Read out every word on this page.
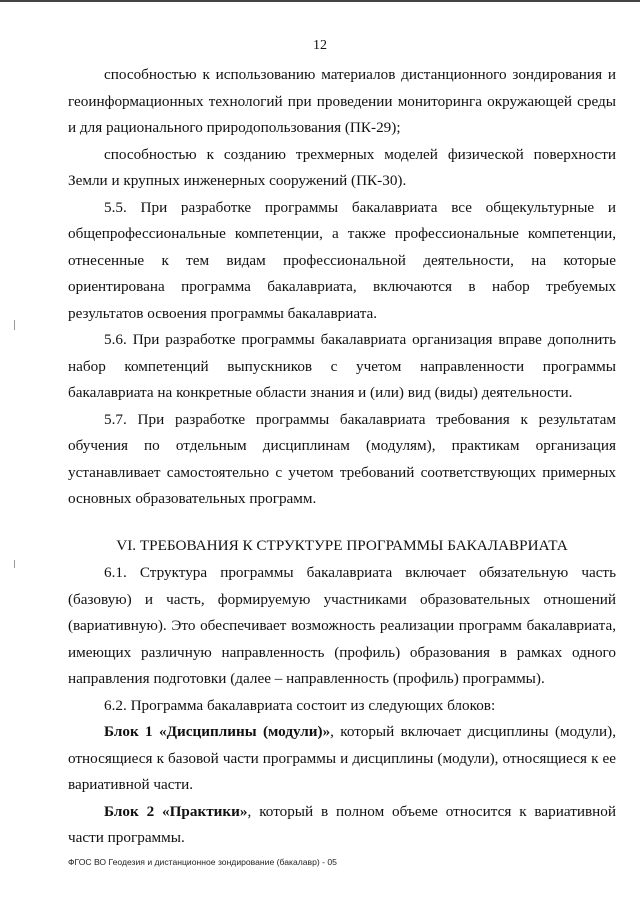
12

способностью к использованию материалов дистанционного зондирования и геоинформационных технологий при проведении мониторинга окружающей среды и для рационального природопользования (ПК-29);

способностью к созданию трехмерных моделей физической поверхности Земли и крупных инженерных сооружений (ПК-30).

5.5. При разработке программы бакалавриата все общекультурные и общепрофессиональные компетенции, а также профессиональные компетенции, отнесенные к тем видам профессиональной деятельности, на которые ориентирована программа бакалавриата, включаются в набор требуемых результатов освоения программы бакалавриата.

5.6. При разработке программы бакалавриата организация вправе дополнить набор компетенций выпускников с учетом направленности программы бакалавриата на конкретные области знания и (или) вид (виды) деятельности.

5.7. При разработке программы бакалавриата требования к результатам обучения по отдельным дисциплинам (модулям), практикам организация устанавливает самостоятельно с учетом требований соответствующих примерных основных образовательных программ.

VI. ТРЕБОВАНИЯ К СТРУКТУРЕ ПРОГРАММЫ БАКАЛАВРИАТА

6.1. Структура программы бакалавриата включает обязательную часть (базовую) и часть, формируемую участниками образовательных отношений (вариативную). Это обеспечивает возможность реализации программ бакалавриата, имеющих различную направленность (профиль) образования в рамках одного направления подготовки (далее – направленность (профиль) программы).

6.2. Программа бакалавриата состоит из следующих блоков:

Блок 1 «Дисциплины (модули)», который включает дисциплины (модули), относящиеся к базовой части программы и дисциплины (модули), относящиеся к ее вариативной части.

Блок 2 «Практики», который в полном объеме относится к вариативной части программы.

ФГОС ВО Геодезия и дистанционное зондирование (бакалавр) - 05
